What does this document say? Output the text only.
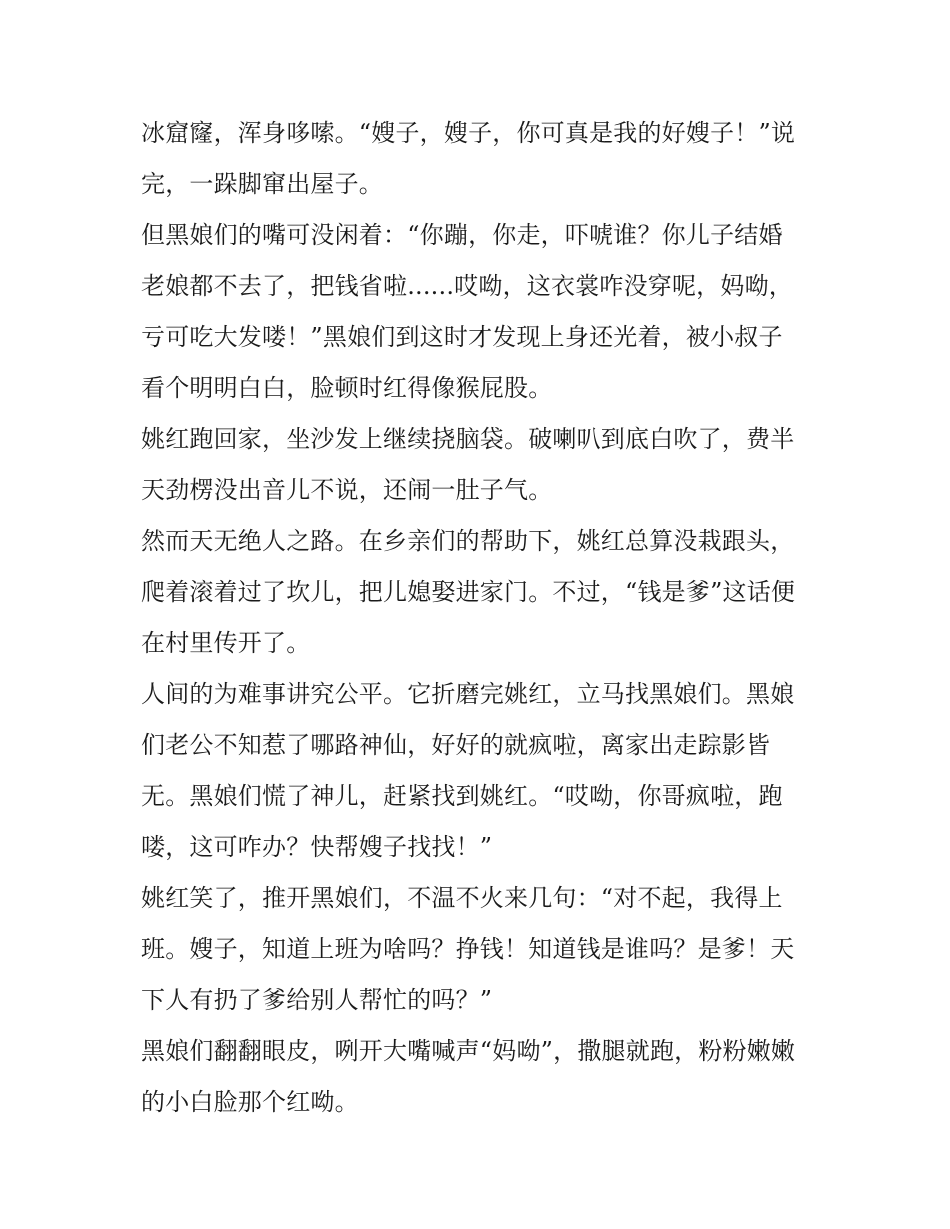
冰窟窿，浑身哆嗦。“嫂子，嫂子，你可真是我的好嫂子！”说
完，一跺脚窜出屋子。
但黑娘们的嘴可没闲着：“你蹦，你走，吓唬谁？你儿子结婚
老娘都不去了，把钱省啦......哎呦，这衣裳咋没穿呢，妈呦，
亏可吃大发喽！”黑娘们到这时才发现上身还光着，被小叔子
看个明明白白，脸顿时红得像猴屁股。
姚红跑回家，坐沙发上继续挠脑袋。破喇叭到底白吹了，费半
天劲楞没出音儿不说，还闹一肚子气。
然而天无绝人之路。在乡亲们的帮助下，姚红总算没栽跟头，
爬着滚着过了坎儿，把儿媳娶进家门。不过，“钱是爹”这话便
在村里传开了。
人间的为难事讲究公平。它折磨完姚红，立马找黑娘们。黑娘
们老公不知惹了哪路神仙，好好的就疯啦，离家出走踪影皆
无。黑娘们慌了神儿，赶紧找到姚红。“哎呦，你哥疯啦，跑
喽，这可咋办？快帮嫂子找找！”
姚红笑了，推开黑娘们，不温不火来几句：“对不起，我得上
班。嫂子，知道上班为啥吗？挣钱！知道钱是谁吗？是爹！天
下人有扔了爹给别人帮忙的吗？”
黑娘们翻翻眼皮，咧开大嘴喊声“妈呦”，撒腿就跑，粉粉嫩嫩
的小白脸那个红呦。
